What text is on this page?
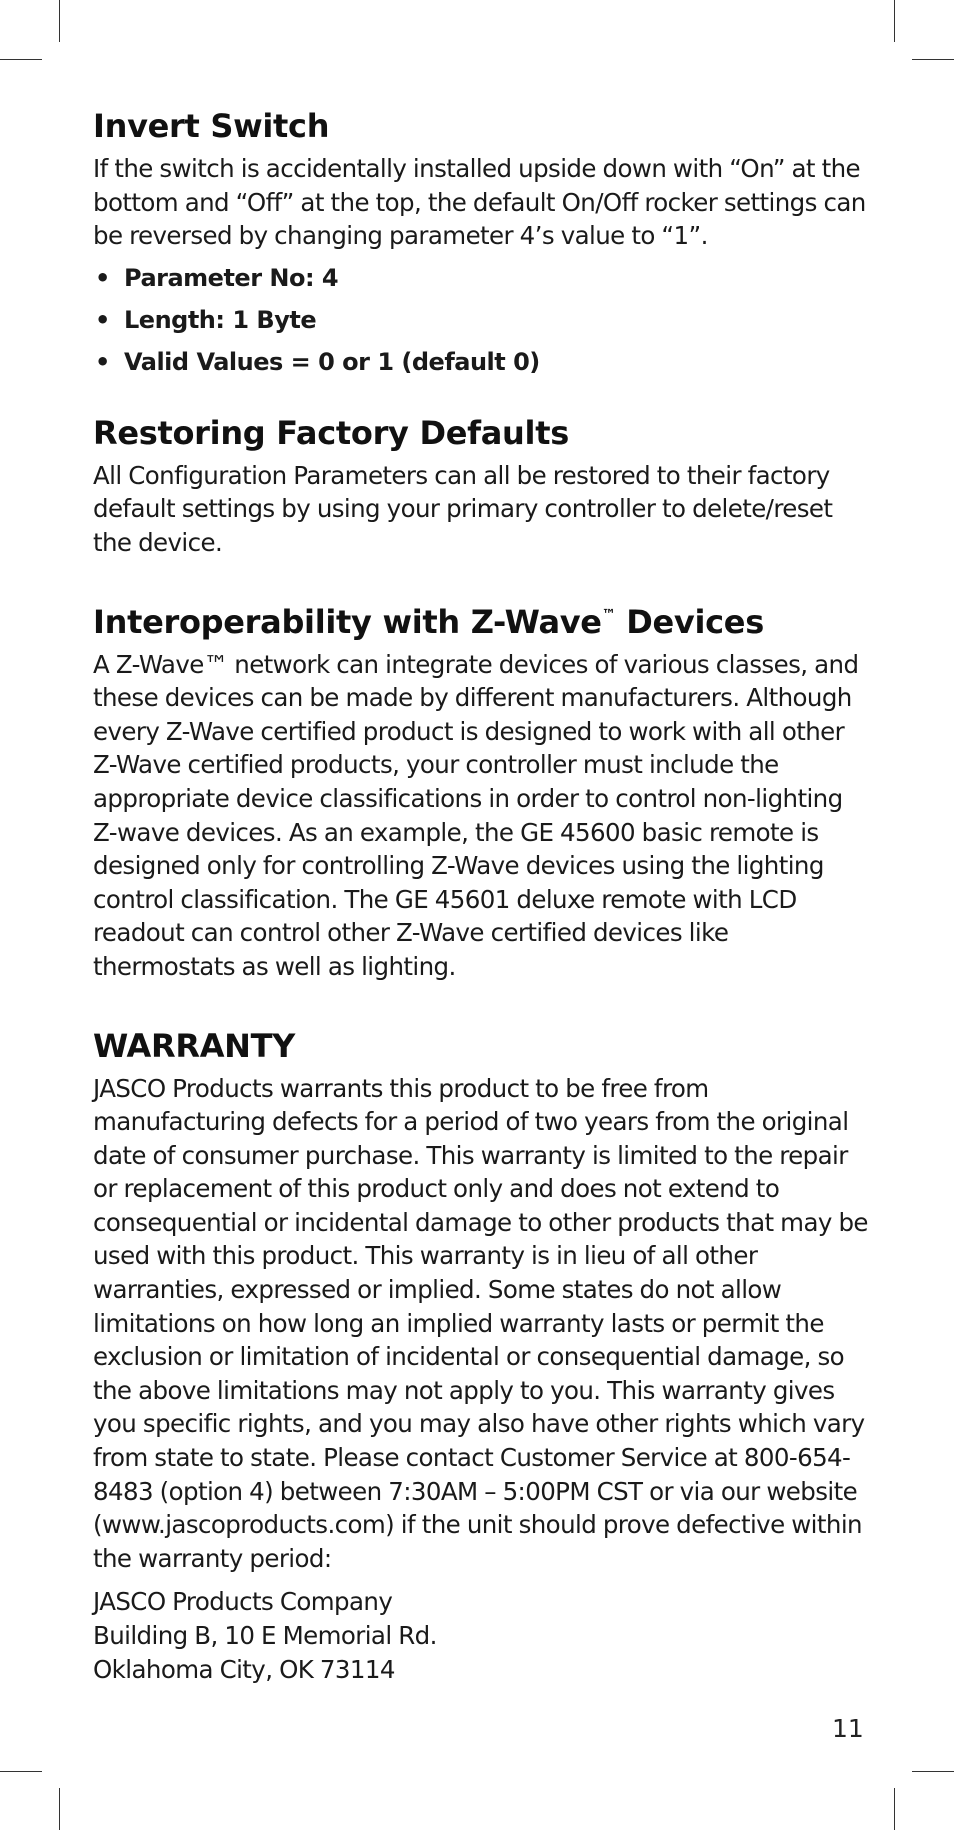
Invert Switch

If the switch is accidentally installed upside down with “On” at the bottom and “Off” at the top, the default On/Off rocker settings can be reversed by changing parameter 4’s value to “1”.

• Parameter No: 4
• Length: 1 Byte
• Valid Values = 0 or 1 (default 0)
Restoring Factory Defaults

All Configuration Parameters can all be restored to their factory default settings by using your primary controller to delete/reset the device.

Interoperability with Z-Wave™ Devices

A Z-Wave™ network can integrate devices of various classes, and these devices can be made by different manufacturers. Although every Z-Wave certified product is designed to work with all other Z-Wave certified products, your controller must include the appropriate device classifications in order to control non-lighting Z-wave devices. As an example, the GE 45600 basic remote is designed only for controlling Z-Wave devices using the lighting control classification. The GE 45601 deluxe remote with LCD readout can control other Z-Wave certified devices like thermostats as well as lighting.

WARRANTY

JASCO Products warrants this product to be free from manufacturing defects for a period of two years from the original date of consumer purchase. This warranty is limited to the repair or replacement of this product only and does not extend to consequential or incidental damage to other products that may be used with this product. This warranty is in lieu of all other warranties, expressed or implied. Some states do not allow limitations on how long an implied warranty lasts or permit the exclusion or limitation of incidental or consequential damage, so the above limitations may not apply to you. This warranty gives you specific rights, and you may also have other rights which vary from state to state. Please contact Customer Service at 800-654-8483 (option 4) between 7:30AM – 5:00PM CST or via our website (www.jascoproducts.com) if the unit should prove defective within the warranty period:

JASCO Products Company

Building B, 10 E Memorial Rd.

Oklahoma City, OK 73114

11
